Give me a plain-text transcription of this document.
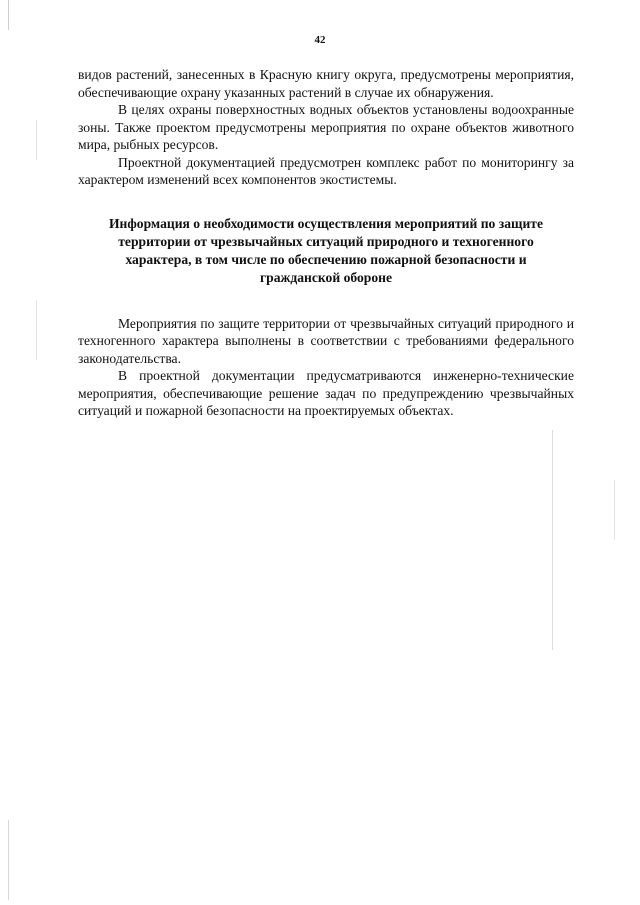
42

видов растений, занесенных в Красную книгу округа, предусмотрены мероприятия, обеспечивающие охрану указанных растений в случае их обнаружения.

В целях охраны поверхностных водных объектов установлены водоохранные зоны. Также проектом предусмотрены мероприятия по охране объектов животного мира, рыбных ресурсов.

Проектной документацией предусмотрен комплекс работ по мониторингу за характером изменений всех компонентов экостистемы.

Информация о необходимости осуществления мероприятий по защите территории от чрезвычайных ситуаций природного и техногенного характера, в том числе по обеспечению пожарной безопасности и гражданской обороне

Мероприятия по защите территории от чрезвычайных ситуаций природного и техногенного характера выполнены в соответствии с требованиями федерального законодательства.

В проектной документации предусматриваются инженерно-технические мероприятия, обеспечивающие решение задач по предупреждению чрезвычайных ситуаций и пожарной безопасности на проектируемых объектах.
